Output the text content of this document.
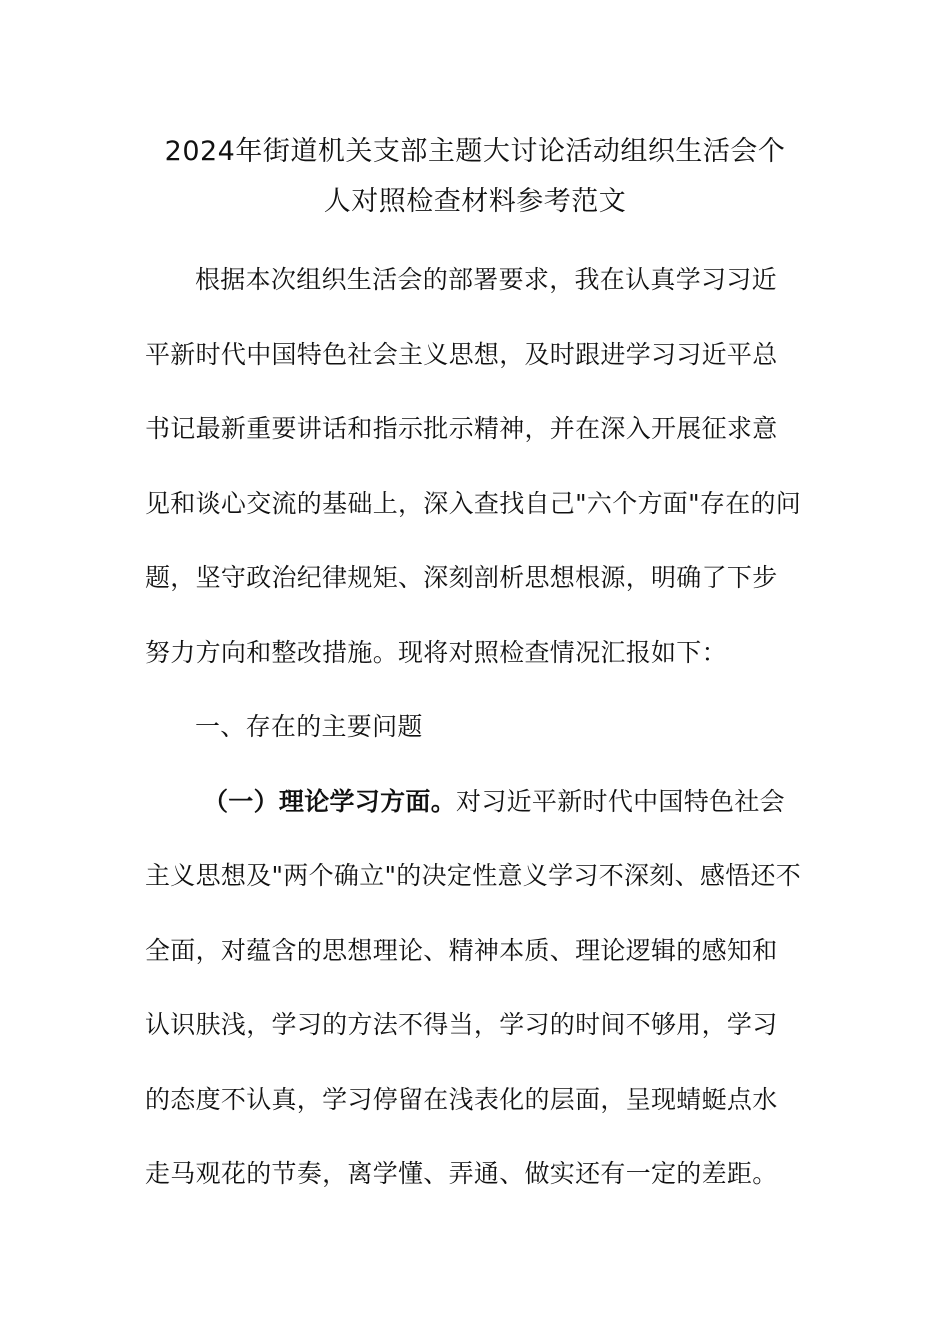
2024年街道机关支部主题大讨论活动组织生活会个
人对照检查材料参考范文
根据本次组织生活会的部署要求，我在认真学习习近
平新时代中国特色社会主义思想，及时跟进学习习近平总
书记最新重要讲话和指示批示精神，并在深入开展征求意
见和谈心交流的基础上，深入查找自己"六个方面"存在的问
题，坚守政治纪律规矩、深刻剖析思想根源，明确了下步
努力方向和整改措施。现将对照检查情况汇报如下：
一、存在的主要问题
（一）理论学习方面。对习近平新时代中国特色社会
主义思想及"两个确立"的决定性意义学习不深刻、感悟还不
全面，对蕴含的思想理论、精神本质、理论逻辑的感知和
认识肤浅，学习的方法不得当，学习的时间不够用，学习
的态度不认真，学习停留在浅表化的层面，呈现蜻蜓点水
走马观花的节奏，离学懂、弄通、做实还有一定的差距。
